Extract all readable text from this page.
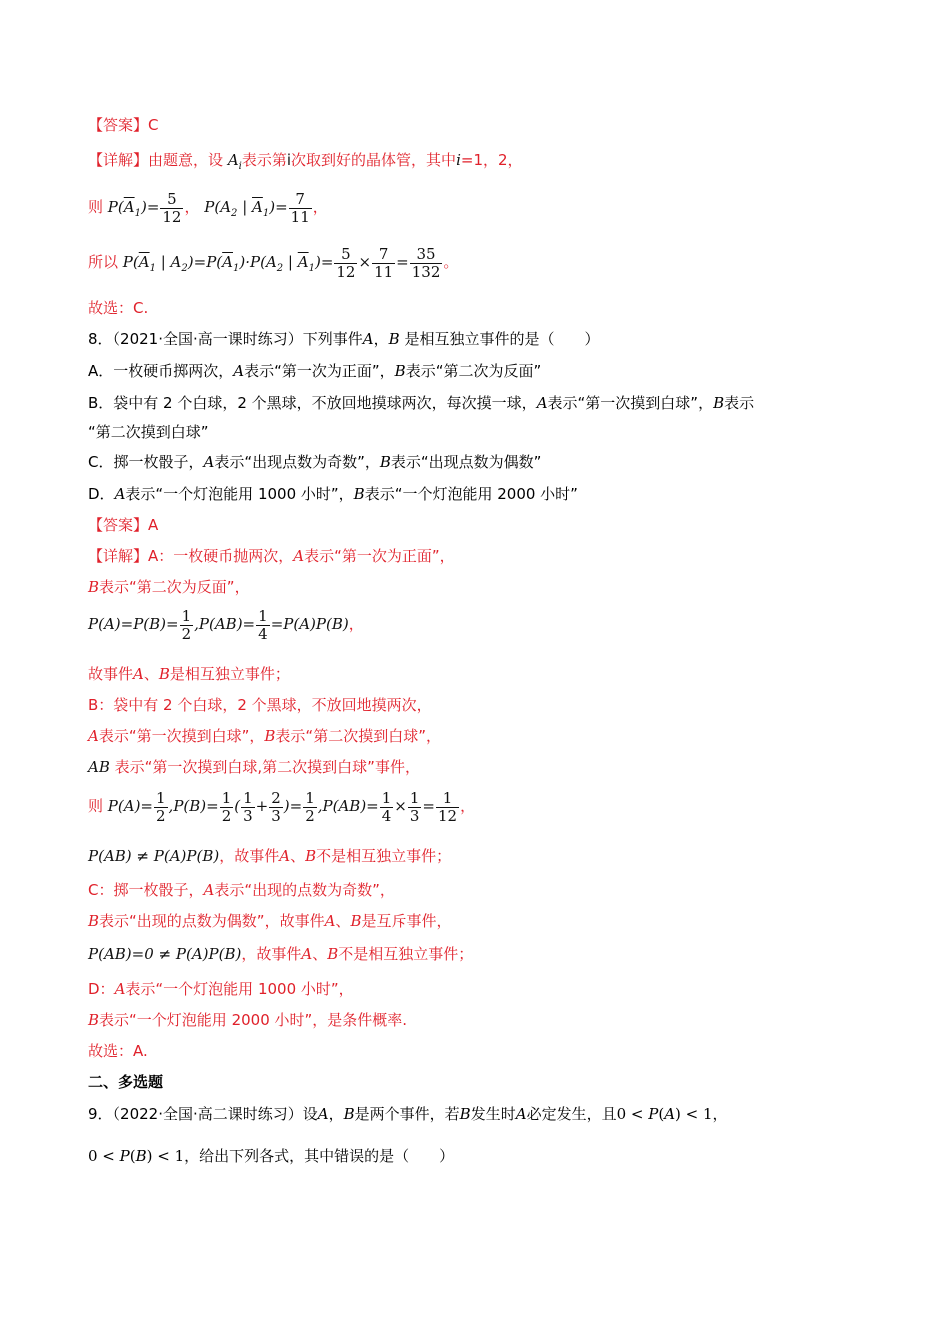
【答案】C
【详解】由题意，设 $A_i$表示第i次取到好的晶体管，其中i=1，2，
则 $P(\overline{A}_1)= \frac{5}{12}$ ， $P(A_2$ | $\overline{A}_1)= \frac{7}{11}$ ，
所以 $P(\overline{A}_1$ | $A_2)=P(\overline{A}_1)\cdot P(A_2$ | $\overline{A}_1)= \frac{5}{12} \times \frac{7}{11} = \frac{35}{132}$ 。
故选：C.
8．（2021·全国·高一课时练习）下列事件A，B 是相互独立事件的是（　　）
A．一枚硬币掷两次，A表示“第一次为正面”，B表示“第二次为反面”
B．袋中有 2 个白球，2 个黑球，不放回地摸球两次，每次摸一球，A表示“第一次摸到白球”，B表示
“第二次摸到白球”
C．掷一枚骰子，A表示“出现点数为奇数”，B表示“出现点数为偶数”
D．A表示“一个灯泡能用 1000 小时”，B表示“一个灯泡能用 2000 小时”
【答案】A
【详解】A：一枚硬币抛两次，A表示“第一次为正面”，
B表示“第二次为反面”，
$P(A)=P(B)= \frac{1}{2} ,P(AB)= \frac{1}{4} =P(A)P(B)$，
故事件A、B是相互独立事件；
B：袋中有 2 个白球，2 个黑球，不放回地摸两次，
A表示“第一次摸到白球”，B表示“第二次摸到白球”，
AB 表示“第一次摸到白球,第二次摸到白球”事件，
则 $P(A)= \frac{1}{2} ,P(B)= \frac{1}{2}$ ( $\frac{1}{3} + \frac{2}{3}$ )= $\frac{1}{2} ,P(AB)= \frac{1}{4} \times \frac{1}{3} = \frac{1}{12}$ ，
P(AB) ≠ P(A)P(B)，故事件A、B不是相互独立事件；
C：掷一枚骰子，A表示“出现的点数为奇数”，
B表示“出现的点数为偶数”，故事件A、B是互斥事件，
P(AB)=0 ≠ P(A)P(B)，故事件A、B不是相互独立事件；
D：A表示“一个灯泡能用 1000 小时”，
B表示“一个灯泡能用 2000 小时”，是条件概率.
故选：A.
二、多选题
9．（2022·全国·高二课时练习）设A，B是两个事件，若B发生时A必定发生，且0 < P(A) < 1，
0 < P(B) < 1，给出下列各式，其中错误的是（　　）
